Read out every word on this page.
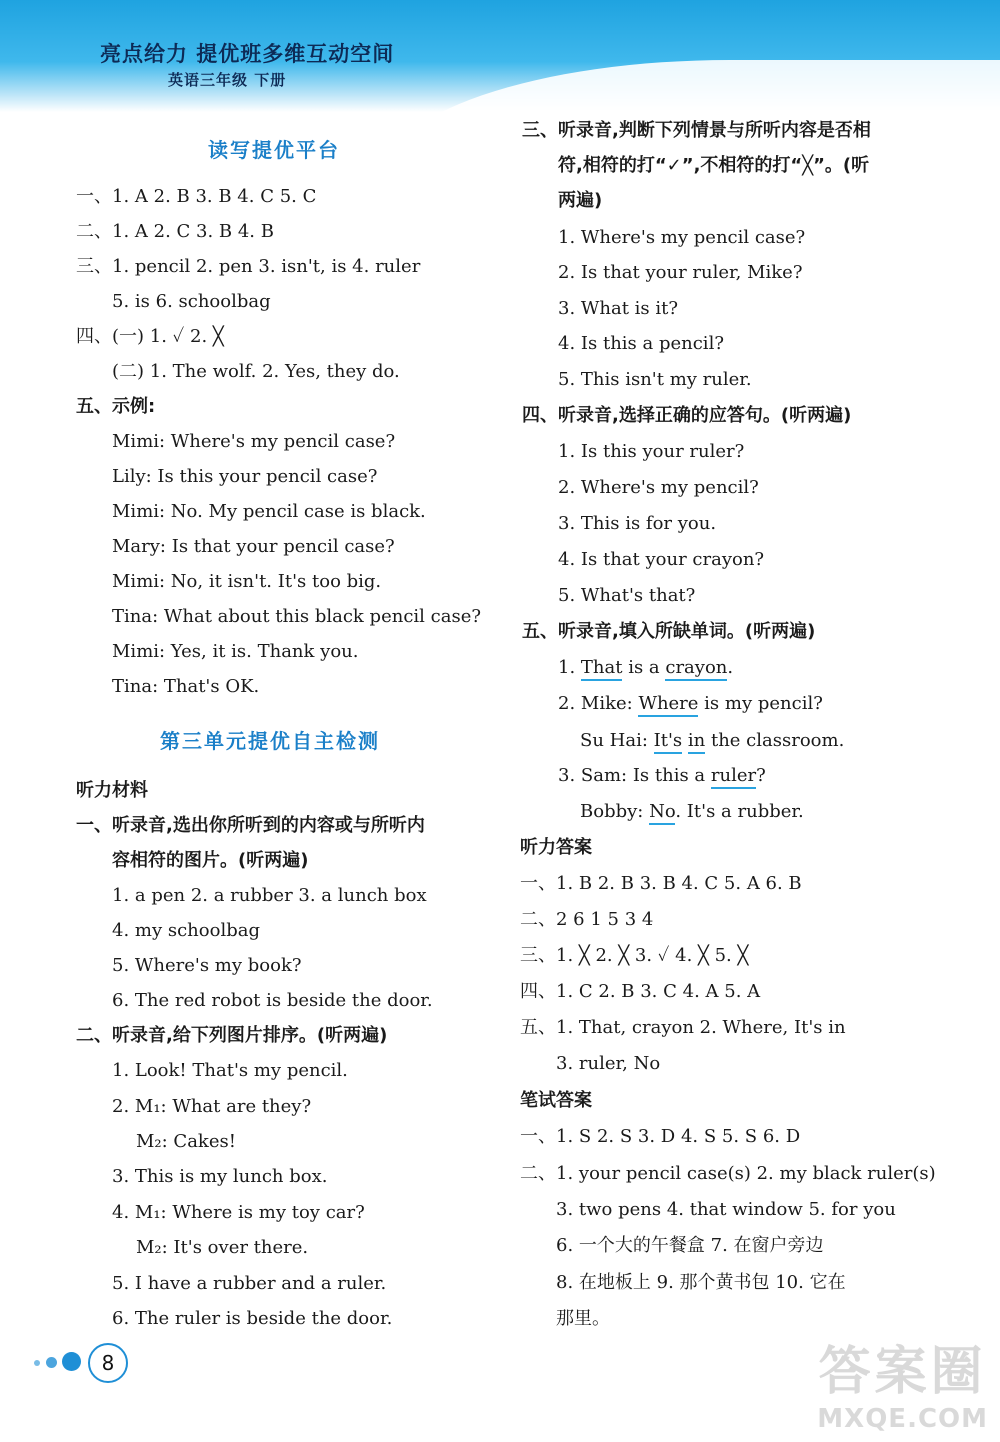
亮点给力 提优班多维互动空间
英语三年级 下册
读写提优平台
一、1. A 2. B 3. B 4. C 5. C
二、1. A 2. C 3. B 4. B
三、1. pencil 2. pen 3. isn't, is 4. ruler
5. is 6. schoolbag
四、(一) 1. ✓ 2. ╳
(二) 1. The wolf. 2. Yes, they do.
五、示例:
Mimi: Where's my pencil case?
Lily: Is this your pencil case?
Mimi: No. My pencil case is black.
Mary: Is that your pencil case?
Mimi: No, it isn't. It's too big.
Tina: What about this black pencil case?
Mimi: Yes, it is. Thank you.
Tina: That's OK.
第三单元提优自主检测
听力材料
一、听录音,选出你所听到的内容或与所听内
容相符的图片。(听两遍)
1. a pen 2. a rubber 3. a lunch box
4. my schoolbag
5. Where's my book?
6. The red robot is beside the door.
二、听录音,给下列图片排序。(听两遍)
1. Look! That's my pencil.
2. M₁: What are they?
M₂: Cakes!
3. This is my lunch box.
4. M₁: Where is my toy car?
M₂: It's over there.
5. I have a rubber and a ruler.
6. The ruler is beside the door.
三、听录音,判断下列情景与所听内容是否相
符,相符的打“✓”,不相符的打“╳”。(听
两遍)
1. Where's my pencil case?
2. Is that your ruler, Mike?
3. What is it?
4. Is this a pencil?
5. This isn't my ruler.
四、听录音,选择正确的应答句。(听两遍)
1. Is this your ruler?
2. Where's my pencil?
3. This is for you.
4. Is that your crayon?
5. What's that?
五、听录音,填入所缺单词。(听两遍)
1. That is a crayon.
2. Mike: Where is my pencil?
Su Hai: It's in the classroom.
3. Sam: Is this a ruler?
Bobby: No. It's a rubber.
听力答案
一、1. B 2. B 3. B 4. C 5. A 6. B
二、2 6 1 5 3 4
三、1. ╳ 2. ╳ 3. ✓ 4. ╳ 5. ╳
四、1. C 2. B 3. C 4. A 5. A
五、1. That, crayon 2. Where, It's in
3. ruler, No
笔试答案
一、1. S 2. S 3. D 4. S 5. S 6. D
二、1. your pencil case(s) 2. my black ruler(s)
3. two pens 4. that window 5. for you
6. 一个大的午餐盒 7. 在窗户旁边
8. 在地板上 9. 那个黄书包 10. 它在
那里。
8	答案圈
MXQE.COM
